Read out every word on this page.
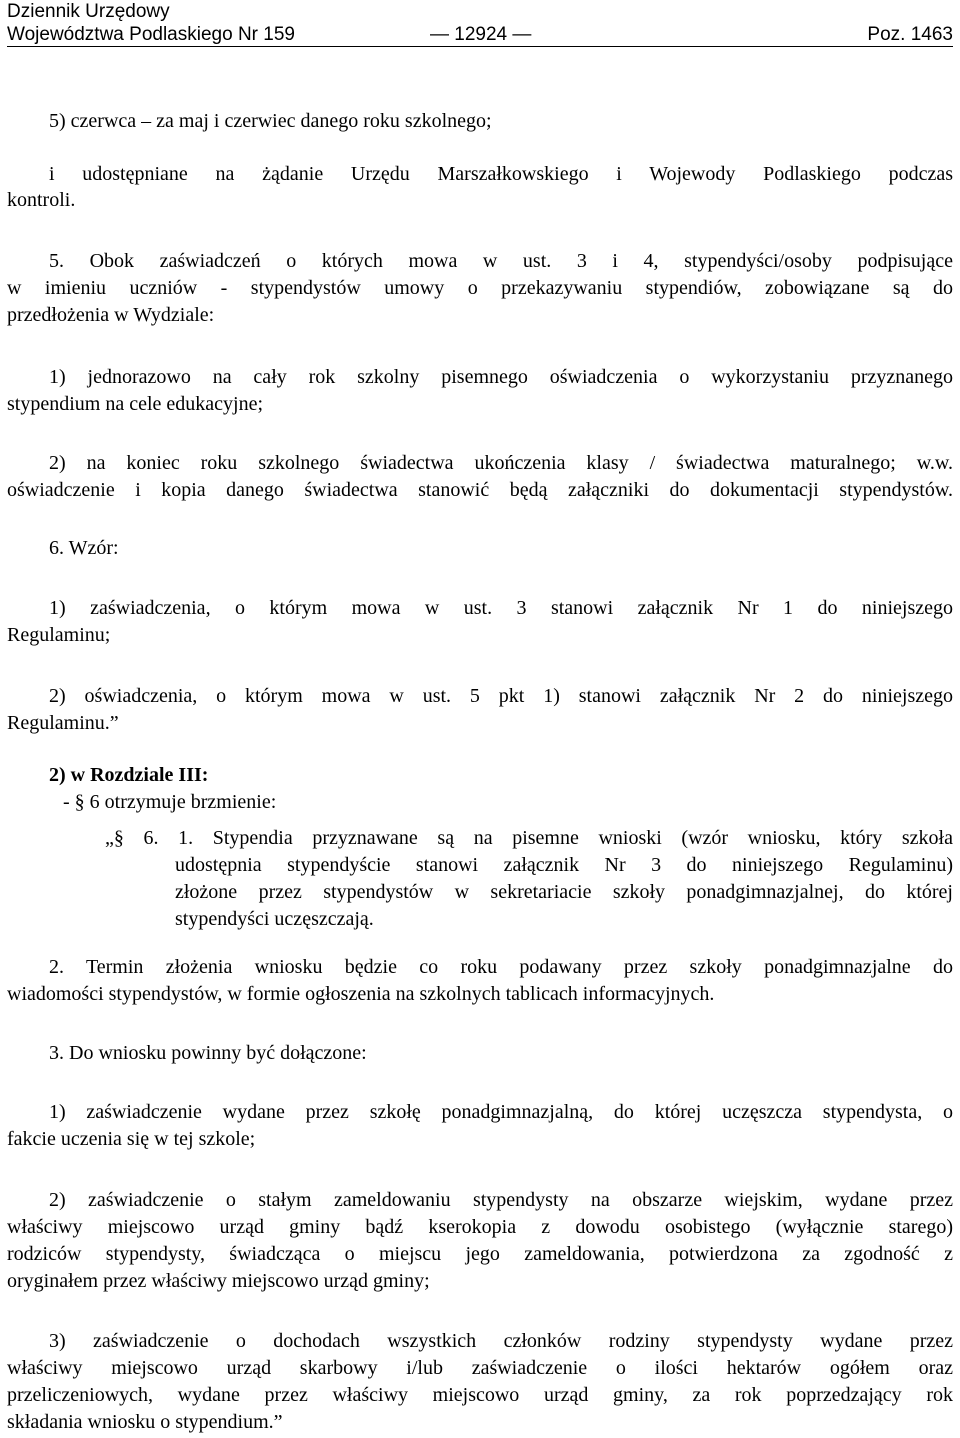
Dziennik Urzędowy
Województwa Podlaskiego Nr 159	— 12924 —	Poz. 1463
5) czerwca – za maj i czerwiec danego roku szkolnego;
i udostępniane na żądanie Urzędu Marszałkowskiego i Wojewody Podlaskiego podczas
kontroli.
5. Obok zaświadczeń o których mowa w ust. 3 i 4, stypendyści/osoby podpisujące
w imieniu uczniów - stypendystów umowy o przekazywaniu stypendiów, zobowiązane są do
przedłożenia w Wydziale:
1) jednorazowo na cały rok szkolny pisemnego oświadczenia o wykorzystaniu przyznanego
stypendium na cele edukacyjne;
2) na koniec roku szkolnego świadectwa ukończenia klasy / świadectwa maturalnego; w.w.
oświadczenie i kopia danego świadectwa stanowić będą załączniki do dokumentacji stypendystów.
6. Wzór:
1) zaświadczenia, o którym mowa w ust. 3 stanowi załącznik Nr 1 do niniejszego
Regulaminu;
2) oświadczenia, o którym mowa w ust. 5 pkt 1) stanowi załącznik Nr 2 do niniejszego
Regulaminu.”
2) w Rozdziale III:
- § 6 otrzymuje brzmienie:
„§ 6. 1. Stypendia przyznawane są na pisemne wnioski (wzór wniosku, który szkoła
udostępnia stypendyście stanowi załącznik Nr 3 do niniejszego Regulaminu)
złożone przez stypendystów w sekretariacie szkoły ponadgimnazjalnej, do której
stypendyści uczęszczają.
2. Termin złożenia wniosku będzie co roku podawany przez szkoły ponadgimnazjalne do
wiadomości stypendystów, w formie ogłoszenia na szkolnych tablicach informacyjnych.
3. Do wniosku powinny być dołączone:
1) zaświadczenie wydane przez szkołę ponadgimnazjalną, do której uczęszcza stypendysta, o
fakcie uczenia się w tej szkole;
2) zaświadczenie o stałym zameldowaniu stypendysty na obszarze wiejskim, wydane przez
właściwy miejscowo urząd gminy bądź kserokopia z dowodu osobistego (wyłącznie starego)
rodziców stypendysty, świadcząca o miejscu jego zameldowania, potwierdzona za zgodność z
oryginałem przez właściwy miejscowo urząd gminy;
3) zaświadczenie o dochodach wszystkich członków rodziny stypendysty wydane przez
właściwy miejscowo urząd skarbowy i/lub zaświadczenie o ilości hektarów ogółem oraz
przeliczeniowych, wydane przez właściwy miejscowo urząd gminy, za rok poprzedzający rok
składania wniosku o stypendium.”
